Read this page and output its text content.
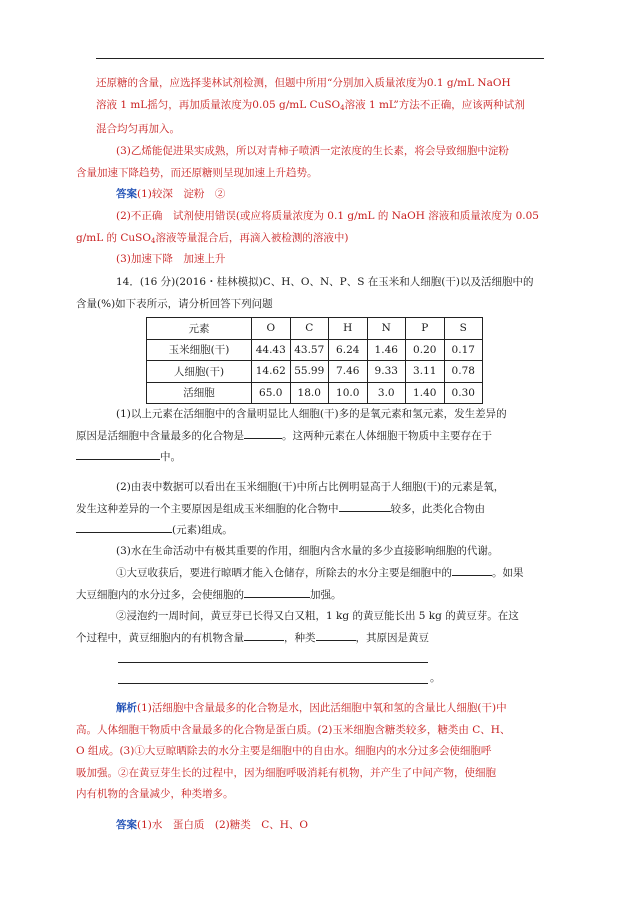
还原糖的含量，应选择斐林试剂检测，但题中所用“分别加入质量浓度为0.1 g/mL NaOH
溶液 1 mL摇匀，再加质量浓度为0.05 g/mL CuSO$_4$溶液 1 mL”方法不正确，应该两种试剂
混合均匀再加入。

(3)乙烯能促进果实成熟，所以对青柿子喷洒一定浓度的生长素，将会导致细胞中淀粉
含量加速下降趋势，而还原糖则呈现加速上升趋势。

答案(1)较深　淀粉　②

(2)不正确　试剂使用错误(或应将质量浓度为 0.1 g/mL 的 NaOH 溶液和质量浓度为 0.05
g/mL 的 CuSO$_4$溶液等量混合后，再滴入被检测的溶液中)

(3)加速下降　加速上升

14．(16 分)(2016・桂林模拟)C、H、O、N、P、S 在玉米和人细胞(干)以及活细胞中的
含量(%)如下表所示，请分析回答下列问题

元素	O	C	H	N	P	S
玉米细胞(干)	44.43	43.57	6.24	1.46	0.20	0.17
人细胞(干)	14.62	55.99	7.46	9.33	3.11	0.78
活细胞	65.0	18.0	10.0	3.0	1.40	0.30

(1)以上元素在活细胞中的含量明显比人细胞(干)多的是氧元素和氢元素，发生差异的
原因是活细胞中含量最多的化合物是	。这两种元素在人体细胞干物质中主要存在于
中。

(2)由表中数据可以看出在玉米细胞(干)中所占比例明显高于人细胞(干)的元素是氧，
发生这种差异的一个主要原因是组成玉米细胞的化合物中	较多，此类化合物由
(元素)组成。

(3)水在生命活动中有极其重要的作用，细胞内含水量的多少直接影响细胞的代谢。

①大豆收获后，要进行晾晒才能入仓储存，所除去的水分主要是细胞中的	。如果
大豆细胞内的水分过多，会使细胞的	加强。

②浸泡约一周时间，黄豆芽已长得又白又粗，1 kg 的黄豆能长出 5 kg 的黄豆芽。在这
个过程中，黄豆细胞内的有机物含量	，种类	，其原因是黄豆

。

解析(1)活细胞中含量最多的化合物是水，因此活细胞中氧和氢的含量比人细胞(干)中
高。人体细胞干物质中含量最多的化合物是蛋白质。(2)玉米细胞含糖类较多，糖类由 C、H、
O 组成。(3)①大豆晾晒除去的水分主要是细胞中的自由水。细胞内的水分过多会使细胞呼
吸加强。②在黄豆芽生长的过程中，因为细胞呼吸消耗有机物，并产生了中间产物，使细胞
内有机物的含量减少，种类增多。

答案(1)水　蛋白质　(2)糖类　C、H、O
